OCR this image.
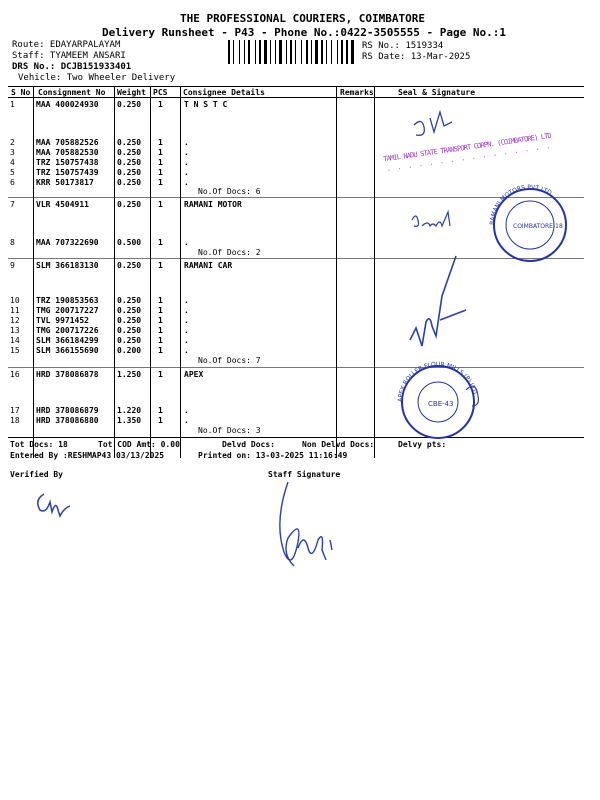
THE PROFESSIONAL COURIERS, COIMBATORE
Delivery Runsheet - P43 - Phone No.:0422-3505555 - Page No.:1
Route: EDAYARPALAYAM
Staff: TYAMEEM ANSARI
DRS No.: DCJB151933401
Vehicle: Two Wheeler Delivery
RS No.: 1519334
RS Date: 13-Mar-2025
S No Consignment No Weight PCS Consignee Details	Remarks	Seal & Signature
1	MAA 400024930 0.250 1	T N S T C
2	MAA 705882526 0.250 1	.
3	MAA 705882530 0.250 1	.
4	TRZ 150757438 0.250 1	.
5	TRZ 150757439 0.250 1	.
6	KRR 50173817	0.250 1	.
No.Of Docs: 6
7	VLR 4504911	0.250 1	RAMANI MOTOR
8	MAA 707322690 0.500 1	.
No.Of Docs: 2
9	SLM 366183130 0.250 1	RAMANI CAR
10 TRZ 190853563 0.250 1	.
11 TMG 200717227 0.250 1	.
12 TVL 9971452	0.250 1	.
13 TMG 200717226 0.250 1	.
14 SLM 366184299 0.250 1	.
15 SLM 366155690 0.200 1	.
No.Of Docs: 7
16 HRD 378086878 1.250 1	APEX
17 HRD 378086879 1.220 1	.
18 HRD 378086880 1.350 1	.
No.Of Docs: 3
TAMIL NADU STATE TRANSPORT CORPN. (COIMBATORE) LTD
. . . . . . . . . . . . . . . .
RAMANI MOTORS PVT LTD
COIMBATORE-18
APEX ROLLER FLOUR MILLS (P) LTD
CBE-43
Tot Docs: 18	Tot COD Amt: 0.00	Delvd Docs:	Non Delvd Docs:	Delvy pts:
Entered By :RESHMAP43 03/13/2025	Printed on: 13-03-2025 11:16:49
Verified By	Staff Signature
